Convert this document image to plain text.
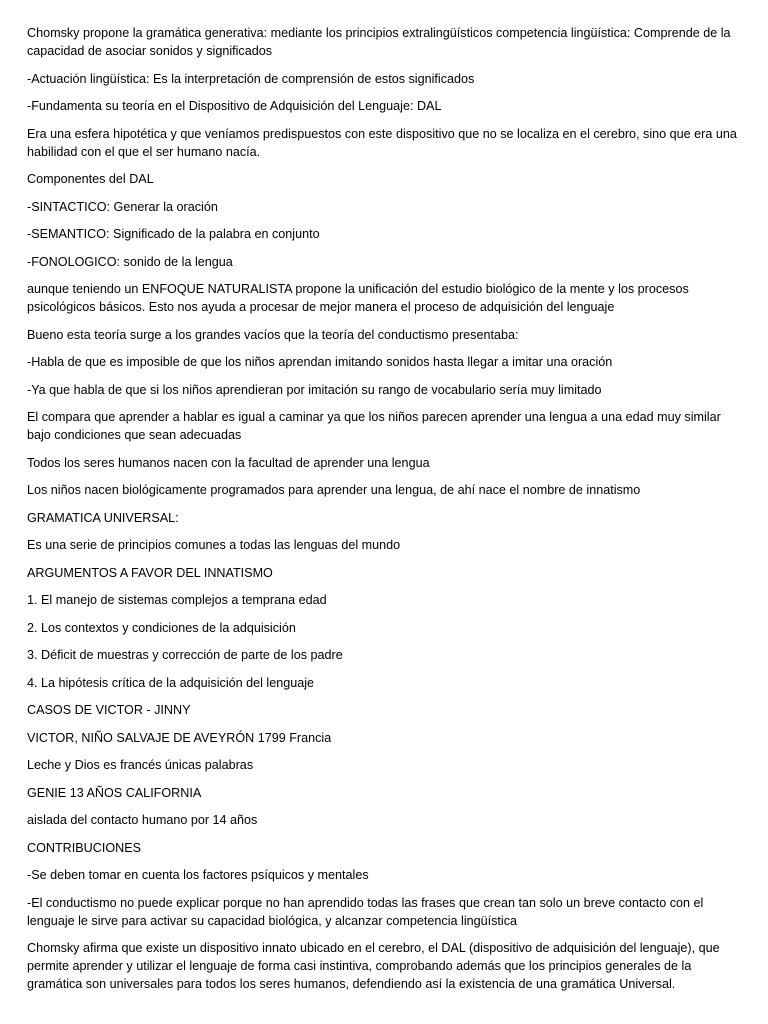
Chomsky propone la gramática generativa: mediante los principios extralingüísticos competencia lingüística: Comprende de la capacidad de asociar sonidos y significados

-Actuación lingüística: Es la interpretación de comprensión de estos significados

-Fundamenta su teoría en el Dispositivo de Adquisición del Lenguaje: DAL

Era una esfera hipotética y que veníamos predispuestos con este dispositivo que no se localiza en el cerebro, sino que era una habilidad con el que el ser humano nacía.

Componentes del DAL

-SINTACTICO: Generar la oración

-SEMANTICO: Significado de la palabra en conjunto

-FONOLOGICO: sonido de la lengua

aunque teniendo un ENFOQUE NATURALISTA propone la unificación del estudio biológico de la mente y los procesos psicológicos básicos. Esto nos ayuda a procesar de mejor manera el proceso de adquisición del lenguaje

Bueno esta teoría surge a los grandes vacíos que la teoría del conductismo presentaba:

-Habla de que es imposible de que los niños aprendan imitando sonidos hasta llegar a imitar una oración

-Ya que habla de que si los niños aprendieran por imitación su rango de vocabulario sería muy limitado

El compara que aprender a hablar es igual a caminar ya que los niños parecen aprender una lengua a una edad muy similar bajo condiciones que sean adecuadas

Todos los seres humanos nacen con la facultad de aprender una lengua

Los niños nacen biológicamente programados para aprender una lengua, de ahí nace el nombre de innatismo

GRAMATICA UNIVERSAL:

Es una serie de principios comunes a todas las lenguas del mundo

ARGUMENTOS A FAVOR DEL INNATISMO

1. El manejo de sistemas complejos a temprana edad

2. Los contextos y condiciones de la adquisición

3. Déficit de muestras y corrección de parte de los padre

4. La hipótesis crítica de la adquisición del lenguaje

CASOS DE VICTOR - JINNY

VICTOR, NIÑO SALVAJE DE AVEYRÓN 1799 Francia

Leche y Dios es francés únicas palabras

GENIE 13 AÑOS CALIFORNIA

aislada del contacto humano por 14 años

CONTRIBUCIONES

-Se deben tomar en cuenta los factores psíquicos y mentales

-El conductismo no puede explicar porque no han aprendido todas las frases que crean tan solo un breve contacto con el lenguaje le sirve para activar su capacidad biológica, y alcanzar competencia lingüística

Chomsky afirma que existe un dispositivo innato ubicado en el cerebro, el DAL (dispositivo de adquisición del lenguaje), que permite aprender y utilizar el lenguaje de forma casi instintiva, comprobando además que los principios generales de la gramática son universales para todos los seres humanos, defendiendo así la existencia de una gramática Universal.
